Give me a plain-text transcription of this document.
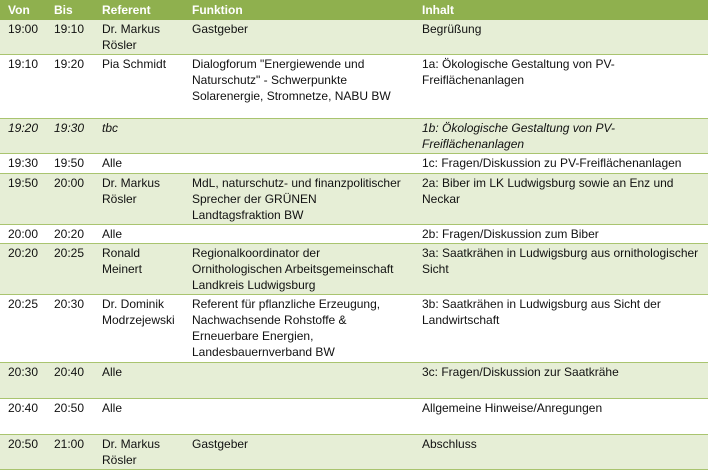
Von	Bis	Referent	Funktion	Inhalt
19:00	19:10	Dr. Markus Rösler	Gastgeber	Begrüßung
19:10	19:20	Pia Schmidt	Dialogforum "Energiewende und Naturschutz" - Schwerpunkte Solarenergie, Stromnetze, NABU BW	1a: Ökologische Gestaltung von PV-Freiflächenanlagen
19:20	19:30	tbc		1b: Ökologische Gestaltung von PV-Freiflächenanlagen
19:30	19:50	Alle		1c: Fragen/Diskussion zu PV-Freiflächenanlagen
19:50	20:00	Dr. Markus Rösler	MdL, naturschutz- und finanzpolitischer Sprecher der GRÜNEN Landtagsfraktion BW	2a: Biber im LK Ludwigsburg sowie an Enz und Neckar
20:00	20:20	Alle		2b: Fragen/Diskussion zum Biber
20:20	20:25	Ronald Meinert	Regionalkoordinator der Ornithologischen Arbeitsgemeinschaft Landkreis Ludwigsburg	3a: Saatkrähen in Ludwigsburg aus ornithologischer Sicht
20:25	20:30	Dr. Dominik Modrzejewski	Referent für pflanzliche Erzeugung, Nachwachsende Rohstoffe & Erneuerbare Energien, Landesbauernverband BW	3b: Saatkrähen in Ludwigsburg aus Sicht der Landwirtschaft
20:30	20:40	Alle		3c: Fragen/Diskussion zur Saatkrähe
20:40	20:50	Alle		Allgemeine Hinweise/Anregungen
20:50	21:00	Dr. Markus Rösler	Gastgeber	Abschluss
